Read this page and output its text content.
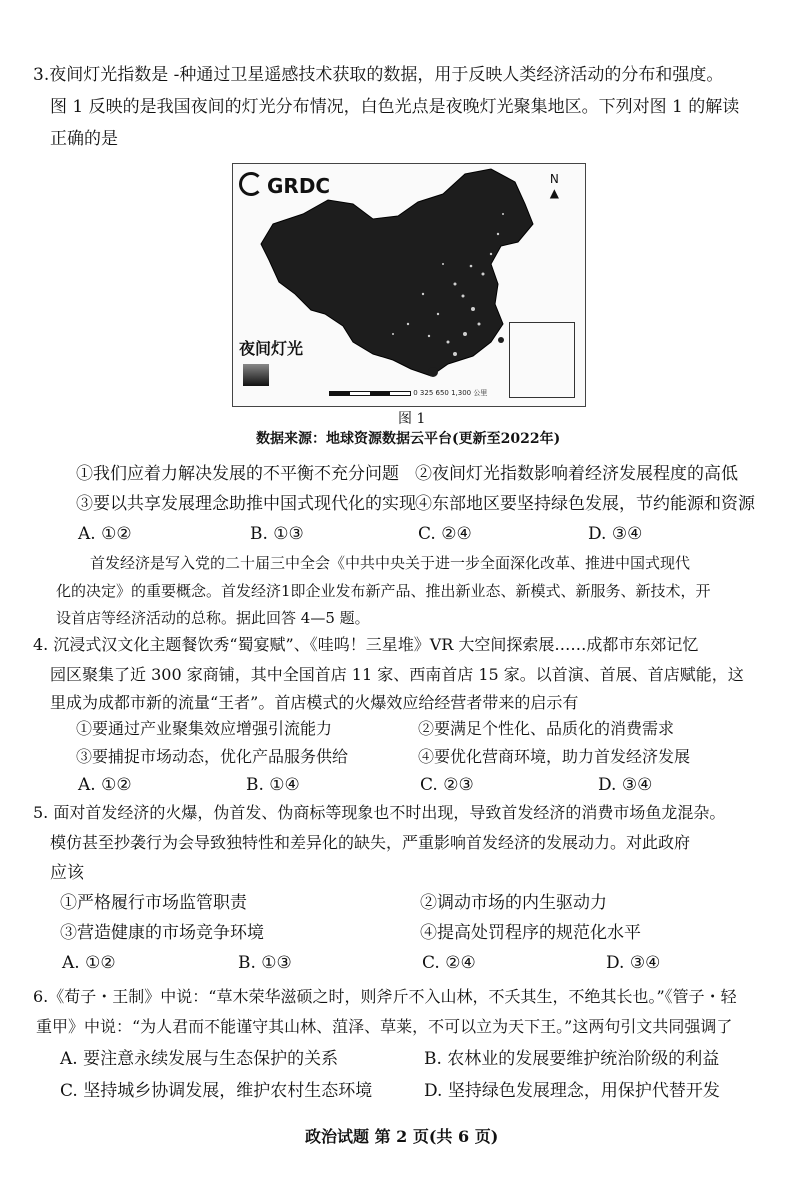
3.夜间灯光指数是 -种通过卫星遥感技术获取的数据，用于反映人类经济活动的分布和强度。
图 1 反映的是我国夜间的灯光分布情况，白色光点是夜晚灯光聚集地区。下列对图 1 的解读
正确的是
GRDC	N
▲
夜间灯光
0 325 650 1,300 公里
图 1
数据来源：地球资源数据云平台(更新至2022年)
①我们应着力解决发展的不平衡不充分问题 ②夜间灯光指数影响着经济发展程度的高低
③要以共享发展理念助推中国式现代化的实现 ④东部地区要坚持绿色发展，节约能源和资源
A. ①②	B. ①③	C. ②④	D. ③④
首发经济是写入党的二十届三中全会《中共中央关于进一步全面深化改革、推进中国式现代
化的决定》的重要概念。首发经济1即企业发布新产品、推出新业态、新模式、新服务、新技术，开
设首店等经济活动的总称。据此回答 4—5 题。
4. 沉浸式汉文化主题餐饮秀“蜀宴赋”、《哇呜！三星堆》VR 大空间探索展……成都市东郊记忆
园区聚集了近 300 家商铺，其中全国首店 11 家、西南首店 15 家。以首演、首展、首店赋能，这
里成为成都市新的流量“王者”。首店模式的火爆效应给经营者带来的启示有
①要通过产业聚集效应增强引流能力	②要满足个性化、品质化的消费需求
③要捕捉市场动态，优化产品服务供给	④要优化营商环境，助力首发经济发展
A. ①②	B. ①④	C. ②③	D. ③④
5. 面对首发经济的火爆，伪首发、伪商标等现象也不时出现，导致首发经济的消费市场鱼龙混杂。
模仿甚至抄袭行为会导致独特性和差异化的缺失，严重影响首发经济的发展动力。对此政府
应该
①严格履行市场监管职责	②调动市场的内生驱动力
③营造健康的市场竞争环境	④提高处罚程序的规范化水平
A. ①②	B. ①③	C. ②④	D. ③④
6.《荀子・王制》中说：“草木荣华滋硕之时，则斧斤不入山林，不夭其生，不绝其长也。”《管子・轻
重甲》中说：“为人君而不能谨守其山林、菹泽、草莱，不可以立为天下王。”这两句引文共同强调了
A. 要注意永续发展与生态保护的关系	B. 农林业的发展要维护统治阶级的利益
C. 坚持城乡协调发展，维护农村生态环境	D. 坚持绿色发展理念，用保护代替开发
政治试题 第 2 页(共 6 页)
